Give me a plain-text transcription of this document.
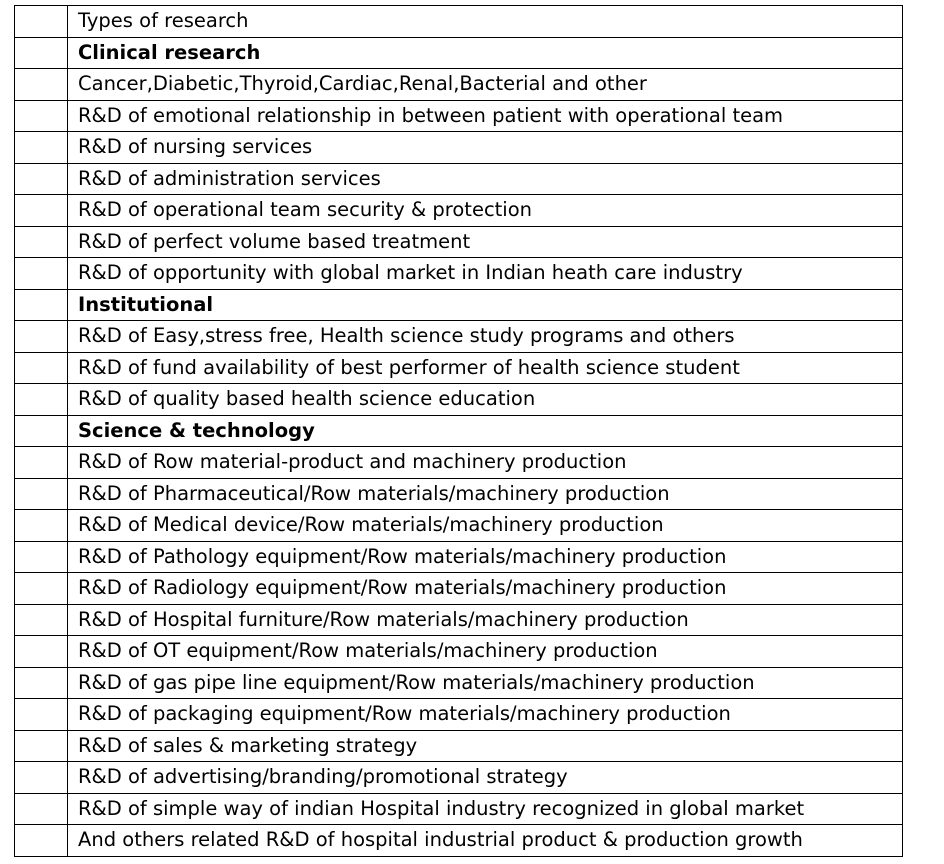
	Types of research
	Clinical research
	Cancer,Diabetic,Thyroid,Cardiac,Renal,Bacterial and other
	R&D of emotional relationship in between patient with operational team
	R&D of nursing services
	R&D of administration services
	R&D of operational team security & protection
	R&D of perfect volume based treatment
	R&D of opportunity with global market in Indian heath care industry
	Institutional
	R&D of Easy,stress free, Health science study programs and others
	R&D of fund availability of best performer of health science student
	R&D of quality based health science education
	Science & technology
	R&D of Row material-product and machinery production
	R&D of Pharmaceutical/Row materials/machinery production
	R&D of Medical device/Row materials/machinery production
	R&D of Pathology equipment/Row materials/machinery production
	R&D of Radiology equipment/Row materials/machinery production
	R&D of Hospital furniture/Row materials/machinery production
	R&D of OT equipment/Row materials/machinery production
	R&D of gas pipe line equipment/Row materials/machinery production
	R&D of packaging equipment/Row materials/machinery production
	R&D of sales & marketing strategy
	R&D of advertising/branding/promotional strategy
	R&D of simple way of indian Hospital industry recognized in global market
	And others related R&D of hospital industrial product & production growth
